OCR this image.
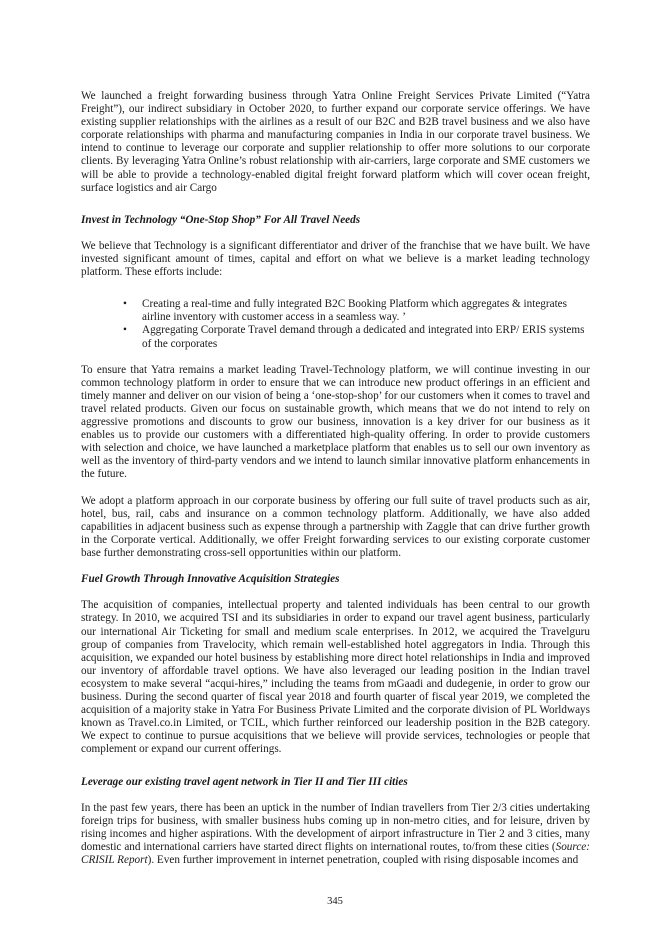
We launched a freight forwarding business through Yatra Online Freight Services Private Limited (“Yatra Freight”), our indirect subsidiary in October 2020, to further expand our corporate service offerings. We have existing supplier relationships with the airlines as a result of our B2C and B2B travel business and we also have corporate relationships with pharma and manufacturing companies in India in our corporate travel business. We intend to continue to leverage our corporate and supplier relationship to offer more solutions to our corporate clients. By leveraging Yatra Online’s robust relationship with air-carriers, large corporate and SME customers we will be able to provide a technology-enabled digital freight forward platform which will cover ocean freight, surface logistics and air Cargo

Invest in Technology “One-Stop Shop” For All Travel Needs

We believe that Technology is a significant differentiator and driver of the franchise that we have built. We have invested significant amount of times, capital and effort on what we believe is a market leading technology platform. These efforts include:

• Creating a real-time and fully integrated B2C Booking Platform which aggregates & integrates airline inventory with customer access in a seamless way. ’
• Aggregating Corporate Travel demand through a dedicated and integrated into ERP/ ERIS systems of the corporates

To ensure that Yatra remains a market leading Travel-Technology platform, we will continue investing in our common technology platform in order to ensure that we can introduce new product offerings in an efficient and timely manner and deliver on our vision of being a ‘one-stop-shop’ for our customers when it comes to travel and travel related products. Given our focus on sustainable growth, which means that we do not intend to rely on aggressive promotions and discounts to grow our business, innovation is a key driver for our business as it enables us to provide our customers with a differentiated high-quality offering. In order to provide customers with selection and choice, we have launched a marketplace platform that enables us to sell our own inventory as well as the inventory of third-party vendors and we intend to launch similar innovative platform enhancements in the future.

We adopt a platform approach in our corporate business by offering our full suite of travel products such as air, hotel, bus, rail, cabs and insurance on a common technology platform. Additionally, we have also added capabilities in adjacent business such as expense through a partnership with Zaggle that can drive further growth in the Corporate vertical. Additionally, we offer Freight forwarding services to our existing corporate customer base further demonstrating cross-sell opportunities within our platform.

Fuel Growth Through Innovative Acquisition Strategies

The acquisition of companies, intellectual property and talented individuals has been central to our growth strategy. In 2010, we acquired TSI and its subsidiaries in order to expand our travel agent business, particularly our international Air Ticketing for small and medium scale enterprises. In 2012, we acquired the Travelguru group of companies from Travelocity, which remain well-established hotel aggregators in India. Through this acquisition, we expanded our hotel business by establishing more direct hotel relationships in India and improved our inventory of affordable travel options. We have also leveraged our leading position in the Indian travel ecosystem to make several “acqui-hires,” including the teams from mGaadi and dudegenie, in order to grow our business. During the second quarter of fiscal year 2018 and fourth quarter of fiscal year 2019, we completed the acquisition of a majority stake in Yatra For Business Private Limited and the corporate division of PL Worldways known as Travel.co.in Limited, or TCIL, which further reinforced our leadership position in the B2B category. We expect to continue to pursue acquisitions that we believe will provide services, technologies or people that complement or expand our current offerings.

Leverage our existing travel agent network in Tier II and Tier III cities

In the past few years, there has been an uptick in the number of Indian travellers from Tier 2/3 cities undertaking foreign trips for business, with smaller business hubs coming up in non-metro cities, and for leisure, driven by rising incomes and higher aspirations. With the development of airport infrastructure in Tier 2 and 3 cities, many domestic and international carriers have started direct flights on international routes, to/from these cities (Source: CRISIL Report). Even further improvement in internet penetration, coupled with rising disposable incomes and

345
